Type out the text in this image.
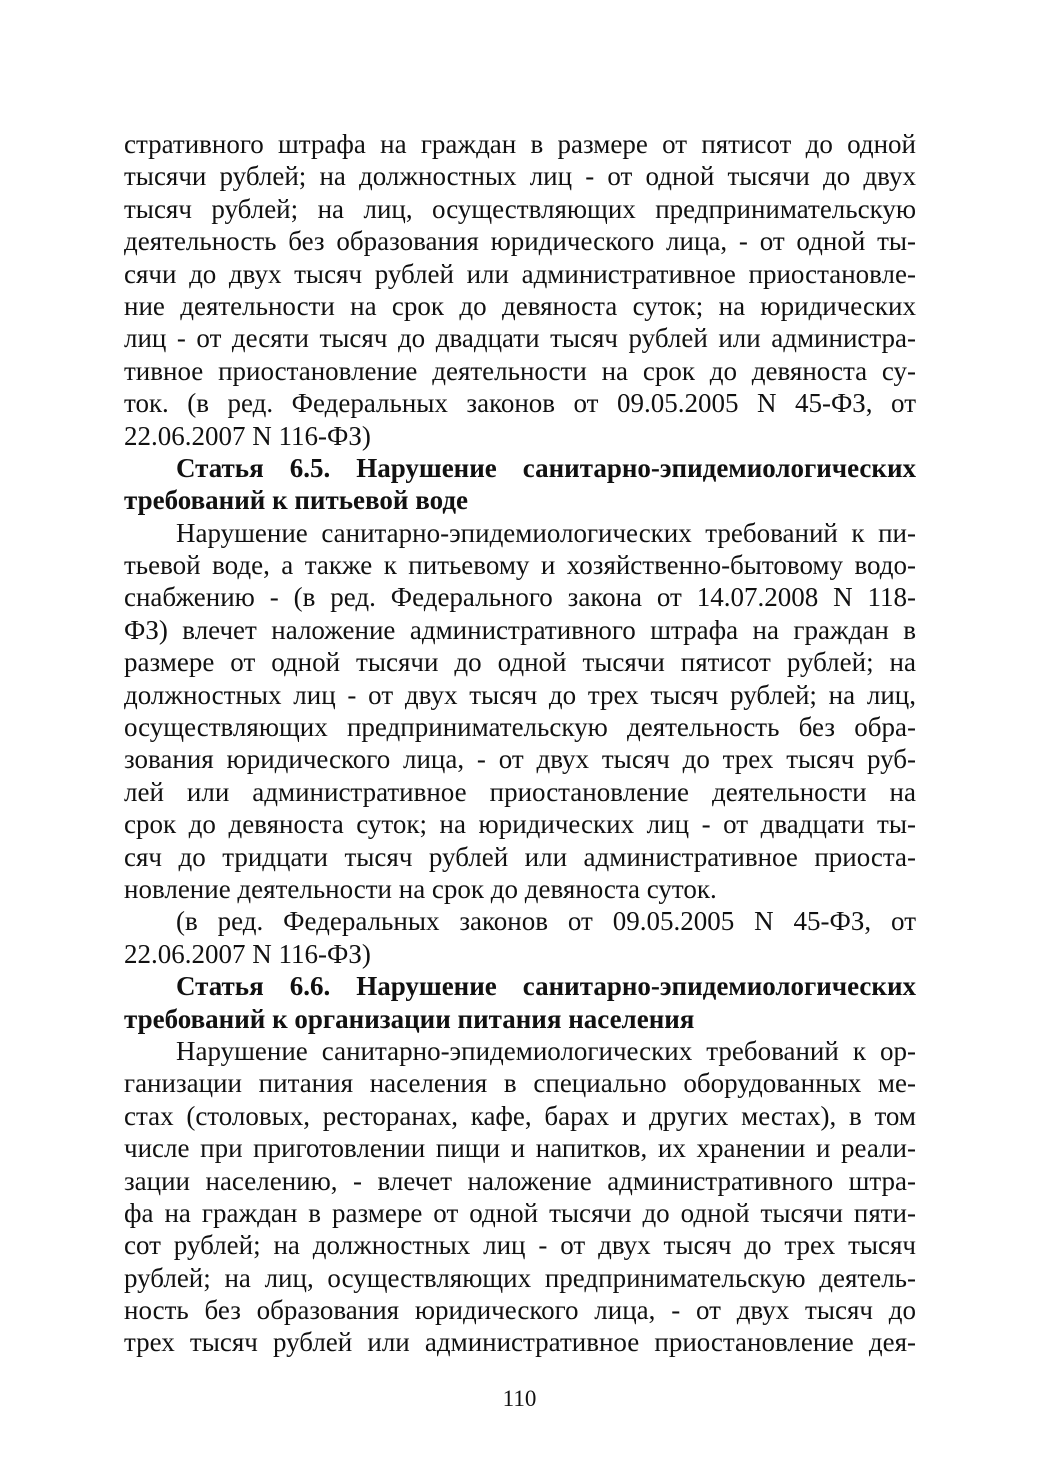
стративного штрафа на граждан в размере от пятисот до одной
тысячи рублей; на должностных лиц - от одной тысячи до двух
тысяч рублей; на лиц, осуществляющих предпринимательскую
деятельность без образования юридического лица, - от одной ты-
сячи до двух тысяч рублей или административное приостановле-
ние деятельности на срок до девяноста суток; на юридических
лиц - от десяти тысяч до двадцати тысяч рублей или администра-
тивное приостановление деятельности на срок до девяноста су-
ток. (в ред. Федеральных законов от 09.05.2005 N 45-ФЗ, от
22.06.2007 N 116-ФЗ)
Статья 6.5. Нарушение санитарно-эпидемиологических
требований к питьевой воде
Нарушение санитарно-эпидемиологических требований к пи-
тьевой воде, а также к питьевому и хозяйственно-бытовому водо-
снабжению - (в ред. Федерального закона от 14.07.2008 N 118-
ФЗ) влечет наложение административного штрафа на граждан в
размере от одной тысячи до одной тысячи пятисот рублей; на
должностных лиц - от двух тысяч до трех тысяч рублей; на лиц,
осуществляющих предпринимательскую деятельность без обра-
зования юридического лица, - от двух тысяч до трех тысяч руб-
лей или административное приостановление деятельности на
срок до девяноста суток; на юридических лиц - от двадцати ты-
сяч до тридцати тысяч рублей или административное приоста-
новление деятельности на срок до девяноста суток.
(в ред. Федеральных законов от 09.05.2005 N 45-ФЗ, от
22.06.2007 N 116-ФЗ)
Статья 6.6. Нарушение санитарно-эпидемиологических
требований к организации питания населения
Нарушение санитарно-эпидемиологических требований к ор-
ганизации питания населения в специально оборудованных ме-
стах (столовых, ресторанах, кафе, барах и других местах), в том
числе при приготовлении пищи и напитков, их хранении и реали-
зации населению, - влечет наложение административного штра-
фа на граждан в размере от одной тысячи до одной тысячи пяти-
сот рублей; на должностных лиц - от двух тысяч до трех тысяч
рублей; на лиц, осуществляющих предпринимательскую деятель-
ность без образования юридического лица, - от двух тысяч до
трех тысяч рублей или административное приостановление дея-
110
